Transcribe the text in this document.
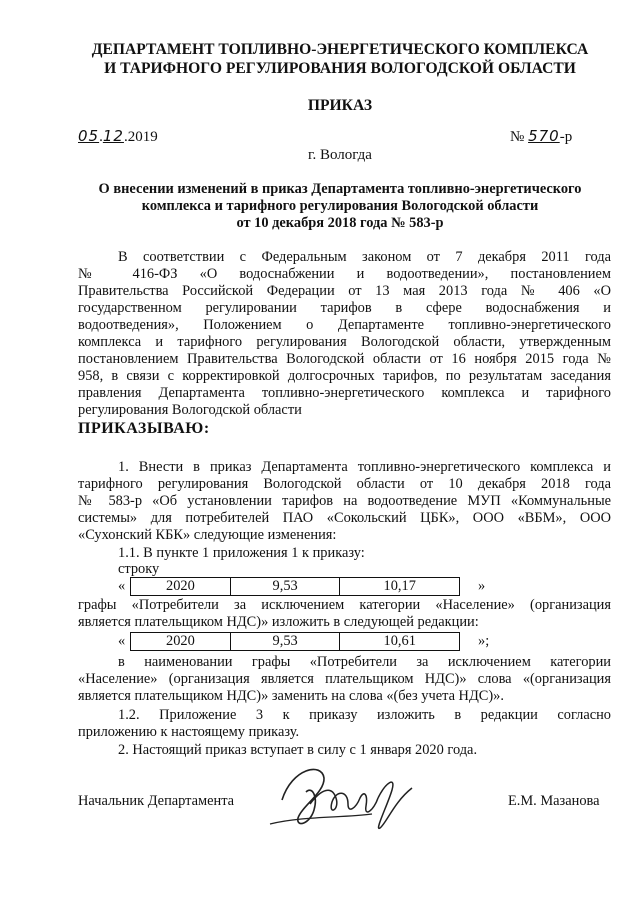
ДЕПАРТАМЕНТ ТОПЛИВНО-ЭНЕРГЕТИЧЕСКОГО КОМПЛЕКСА
И ТАРИФНОГО РЕГУЛИРОВАНИЯ ВОЛОГОДСКОЙ ОБЛАСТИ
ПРИКАЗ
05.12.2019	№ 570-р
г. Вологда
О внесении изменений в приказ Департамента топливно-энергетического
комплекса и тарифного регулирования Вологодской области
от 10 декабря 2018 года № 583-р
В соответствии с Федеральным законом от 7 декабря 2011 года
№ 416-ФЗ «О водоснабжении и водоотведении», постановлением
Правительства Российской Федерации от 13 мая 2013 года № 406 «О
государственном регулировании тарифов в сфере водоснабжения и
водоотведения», Положением о Департаменте топливно-энергетического
комплекса и тарифного регулирования Вологодской области, утвержденным
постановлением Правительства Вологодской области от 16 ноября 2015 года №
958, в связи с корректировкой долгосрочных тарифов, по результатам заседания
правления Департамента топливно-энергетического комплекса и тарифного
регулирования Вологодской области
ПРИКАЗЫВАЮ:
1. Внести в приказ Департамента топливно-энергетического комплекса и
тарифного регулирования Вологодской области от 10 декабря 2018 года
№ 583-р «Об установлении тарифов на водоотведение МУП «Коммунальные
системы» для потребителей ПАО «Сокольский ЦБК», ООО «ВБМ», ООО
«Сухонский КБК» следующие изменения:
1.1. В пункте 1 приложения 1 к приказу:
строку
«	2020	9,53	10,17	»
графы «Потребители за исключением категории «Население» (организация
является плательщиком НДС)» изложить в следующей редакции:
«	2020	9,53	10,61	»;
в наименовании графы «Потребители за исключением категории
«Население» (организация является плательщиком НДС)» слова «(организация
является плательщиком НДС)» заменить на слова «(без учета НДС)».
1.2. Приложение 3 к приказу изложить в редакции согласно
приложению к настоящему приказу.
2. Настоящий приказ вступает в силу с 1 января 2020 года.
Начальник Департамента	Е.М. Мазанова
